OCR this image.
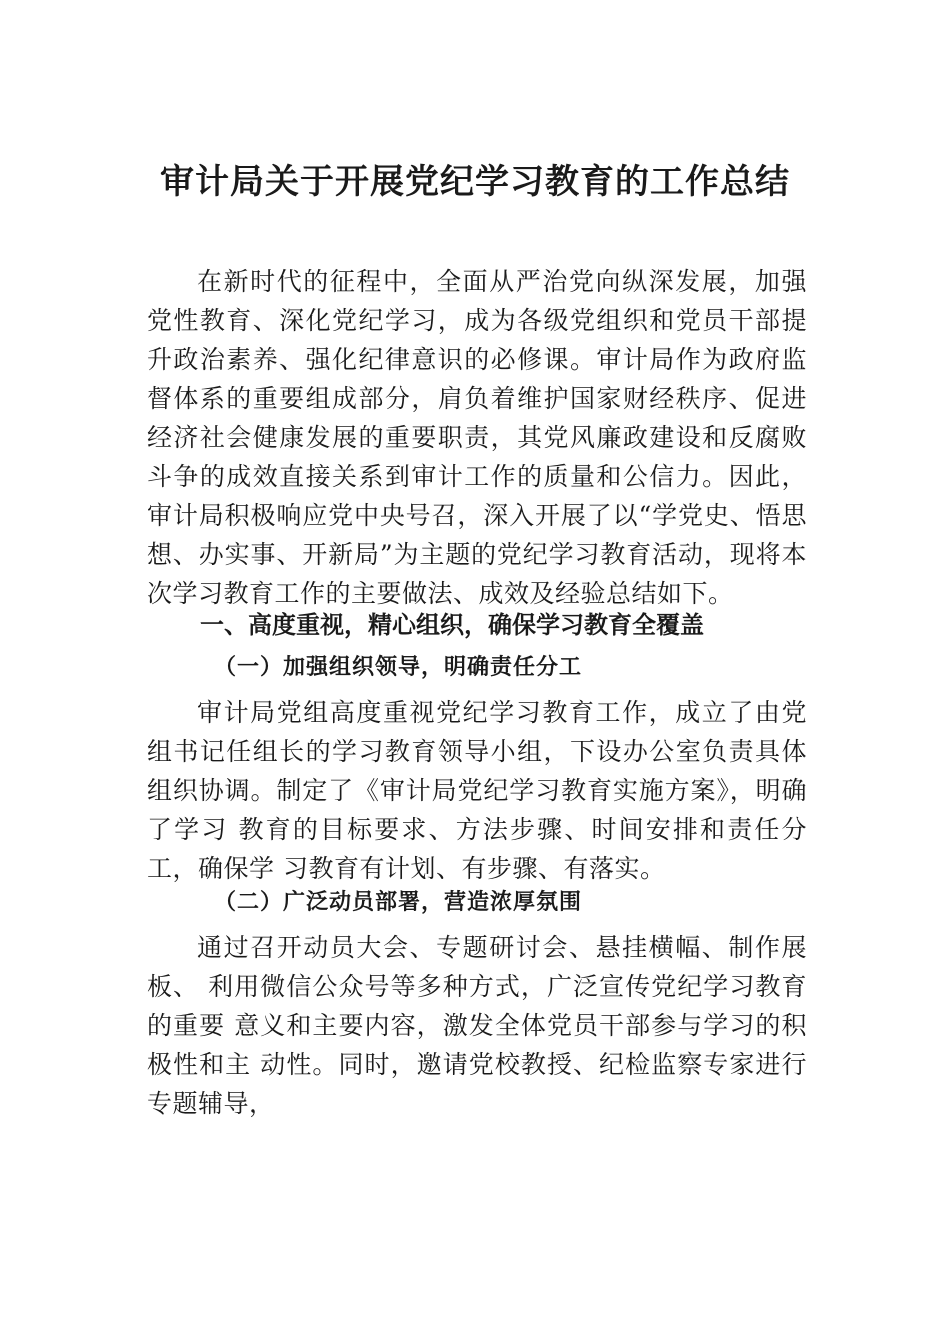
审计局关于开展党纪学习教育的工作总结

在新时代的征程中，全面从严治党向纵深发展，加强党性教育、深化党纪学习，成为各级党组织和党员干部提升政治素养、强化纪律意识的必修课。审计局作为政府监督体系的重要组成部分，肩负着维护国家财经秩序、促进经济社会健康发展的重要职责，其党风廉政建设和反腐败斗争的成效直接关系到审计工作的质量和公信力。因此，审计局积极响应党中央号召，深入开展了以“学党史、悟思想、办实事、开新局”为主题的党纪学习教育活动，现将本次学习教育工作的主要做法、成效及经验总结如下。

一、高度重视，精心组织，确保学习教育全覆盖
（一）加强组织领导，明确责任分工

审计局党组高度重视党纪学习教育工作，成立了由党组书记任组长的学习教育领导小组，下设办公室负责具体组织协调。制定了《审计局党纪学习教育实施方案》，明确了学习 教育的目标要求、方法步骤、时间安排和责任分工，确保学 习教育有计划、有步骤、有落实。

（二）广泛动员部署，营造浓厚氛围

通过召开动员大会、专题研讨会、悬挂横幅、制作展板、 利用微信公众号等多种方式，广泛宣传党纪学习教育的重要 意义和主要内容，激发全体党员干部参与学习的积极性和主 动性。同时，邀请党校教授、纪检监察专家进行专题辅导，
